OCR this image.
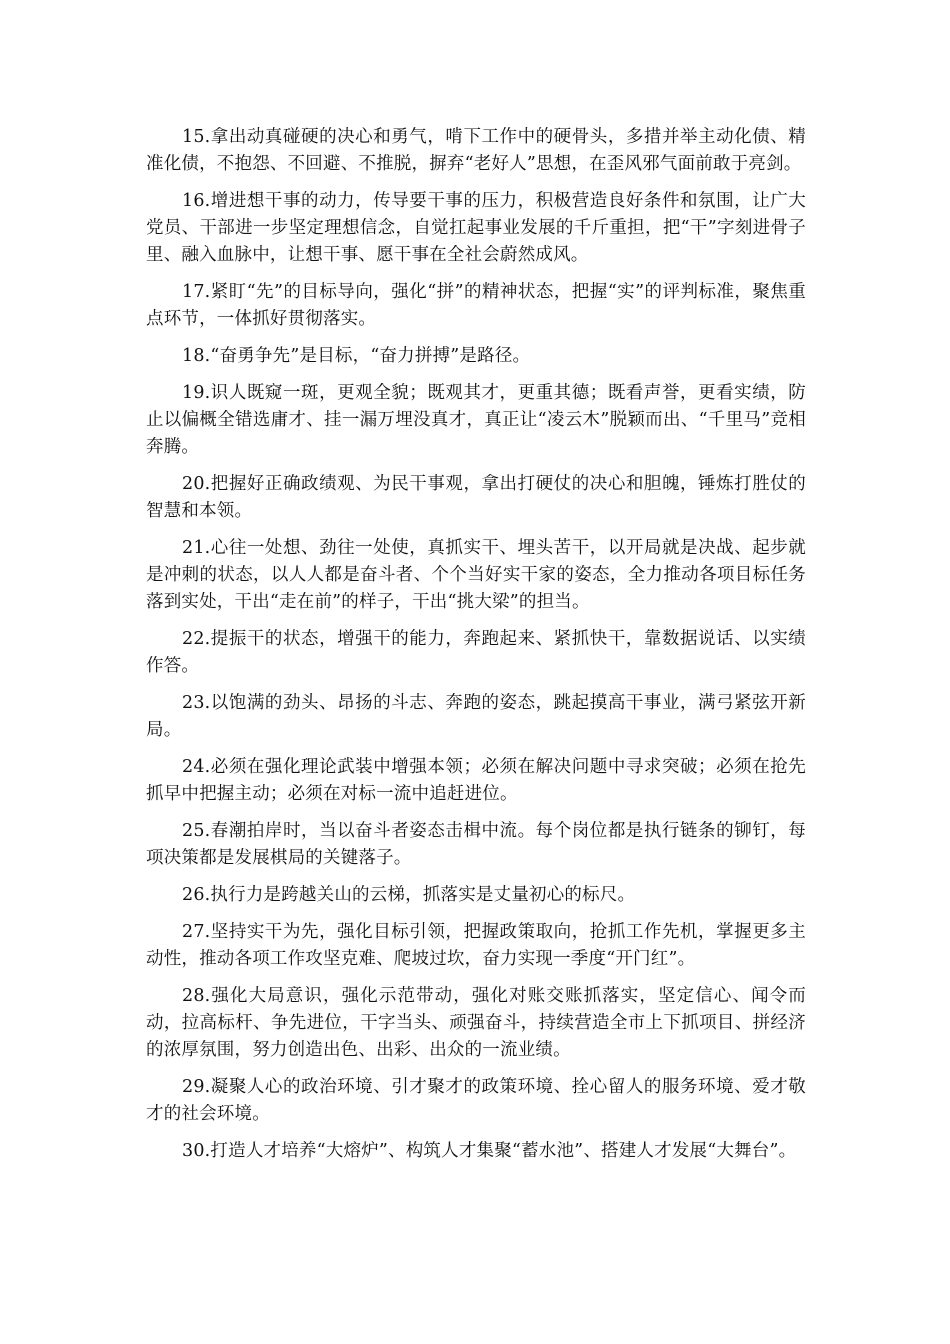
15.拿出动真碰硬的决心和勇气，啃下工作中的硬骨头，多措并举主动化债、精准化债，不抱怨、不回避、不推脱，摒弃“老好人”思想，在歪风邪气面前敢于亮剑。

16.增进想干事的动力，传导要干事的压力，积极营造良好条件和氛围，让广大党员、干部进一步坚定理想信念，自觉扛起事业发展的千斤重担，把“干”字刻进骨子里、融入血脉中，让想干事、愿干事在全社会蔚然成风。

17.紧盯“先”的目标导向，强化“拼”的精神状态，把握“实”的评判标准，聚焦重点环节，一体抓好贯彻落实。

18.“奋勇争先”是目标，“奋力拼搏”是路径。

19.识人既窥一斑，更观全貌；既观其才，更重其德；既看声誉，更看实绩，防止以偏概全错选庸才、挂一漏万埋没真才，真正让“凌云木”脱颖而出、“千里马”竞相奔腾。

20.把握好正确政绩观、为民干事观，拿出打硬仗的决心和胆魄，锤炼打胜仗的智慧和本领。

21.心往一处想、劲往一处使，真抓实干、埋头苦干，以开局就是决战、起步就是冲刺的状态，以人人都是奋斗者、个个当好实干家的姿态，全力推动各项目标任务落到实处，干出“走在前”的样子，干出“挑大梁”的担当。

22.提振干的状态，增强干的能力，奔跑起来、紧抓快干，靠数据说话、以实绩作答。

23.以饱满的劲头、昂扬的斗志、奔跑的姿态，跳起摸高干事业，满弓紧弦开新局。

24.必须在强化理论武装中增强本领；必须在解决问题中寻求突破；必须在抢先抓早中把握主动；必须在对标一流中追赶进位。

25.春潮拍岸时，当以奋斗者姿态击楫中流。每个岗位都是执行链条的铆钉，每项决策都是发展棋局的关键落子。

26.执行力是跨越关山的云梯，抓落实是丈量初心的标尺。

27.坚持实干为先，强化目标引领，把握政策取向，抢抓工作先机，掌握更多主动性，推动各项工作攻坚克难、爬坡过坎，奋力实现一季度“开门红”。

28.强化大局意识，强化示范带动，强化对账交账抓落实，坚定信心、闻令而动，拉高标杆、争先进位，干字当头、顽强奋斗，持续营造全市上下抓项目、拼经济的浓厚氛围，努力创造出色、出彩、出众的一流业绩。

29.凝聚人心的政治环境、引才聚才的政策环境、拴心留人的服务环境、爱才敬才的社会环境。

30.打造人才培养“大熔炉”、构筑人才集聚“蓄水池”、搭建人才发展“大舞台”。
